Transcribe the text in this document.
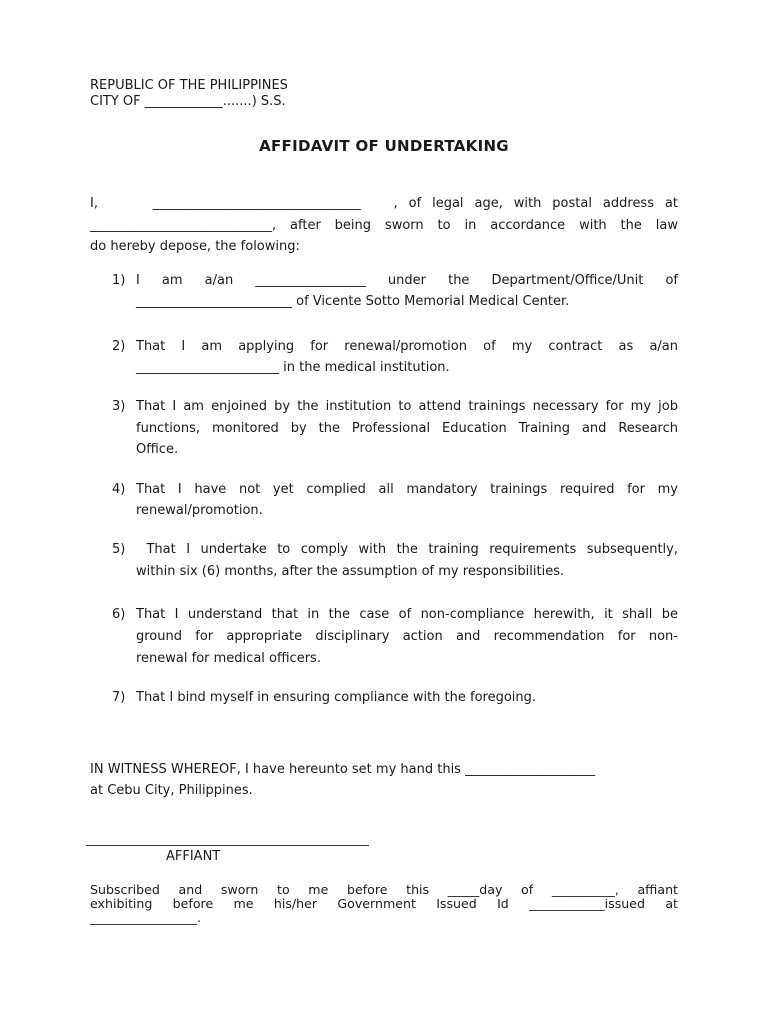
REPUBLIC OF THE PHILIPPINES
CITY OF ____________.......) S.S.
AFFIDAVIT OF UNDERTAKING
I,     ________________________________   , of legal age, with postal address at
____________________________, after being sworn to in accordance with the law
do hereby depose, the folowing:
1) I am a/an _________________ under the Department/Office/Unit of
________________________ of Vicente Sotto Memorial Medical Center.
2) That I am applying for renewal/promotion of my contract as a/an
______________________ in the medical institution.
3) That I am enjoined by the institution to attend trainings necessary for my job
functions, monitored by the Professional Education Training and Research
Office.
4) That I have not yet complied all mandatory trainings required for my
renewal/promotion.
5) That I undertake to comply with the training requirements subsequently,
within six (6) months, after the assumption of my responsibilities.
6) That I understand that in the case of non-compliance herewith, it shall be
ground for appropriate disciplinary action and recommendation for non-
renewal for medical officers.
7) That I bind myself in ensuring compliance with the foregoing.
IN WITNESS WHEREOF, I have hereunto set my hand this ____________________
at Cebu City, Philippines.
AFFIANT
Subscribed and sworn to me before this _____day of __________, affiant
exhibiting before me his/her Government Issued Id ____________issued at
_________________.
